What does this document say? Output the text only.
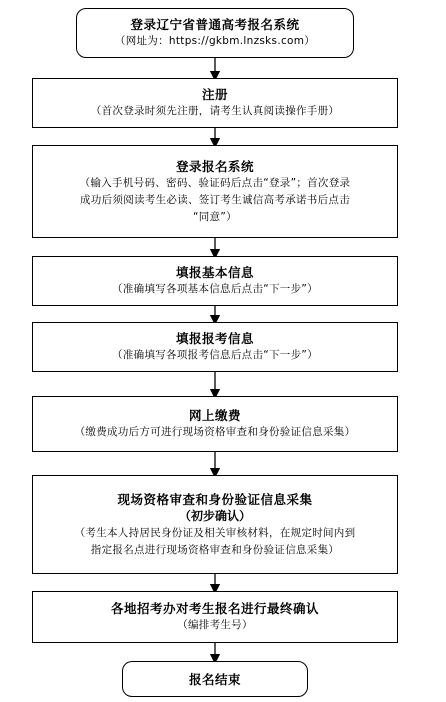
登录辽宁省普通高考报名系统
（网址为：https://gkbm.lnzsks.com）
注册
（首次登录时须先注册，请考生认真阅读操作手册）
登录报名系统
（输入手机号码、密码、验证码后点击“登录”；首次登录
成功后须阅读考生必读、签订考生诚信高考承诺书后点击
“同意”）
填报基本信息
（准确填写各项基本信息后点击“下一步”）
填报报考信息
（准确填写各项报考信息后点击“下一步”）
网上缴费
（缴费成功后方可进行现场资格审查和身份验证信息采集）
现场资格审查和身份验证信息采集
（初步确认）
（考生本人持居民身份证及相关审核材料，在规定时间内到
指定报名点进行现场资格审查和身份验证信息采集）
各地招考办对考生报名进行最终确认
（编排考生号）
报名结束
